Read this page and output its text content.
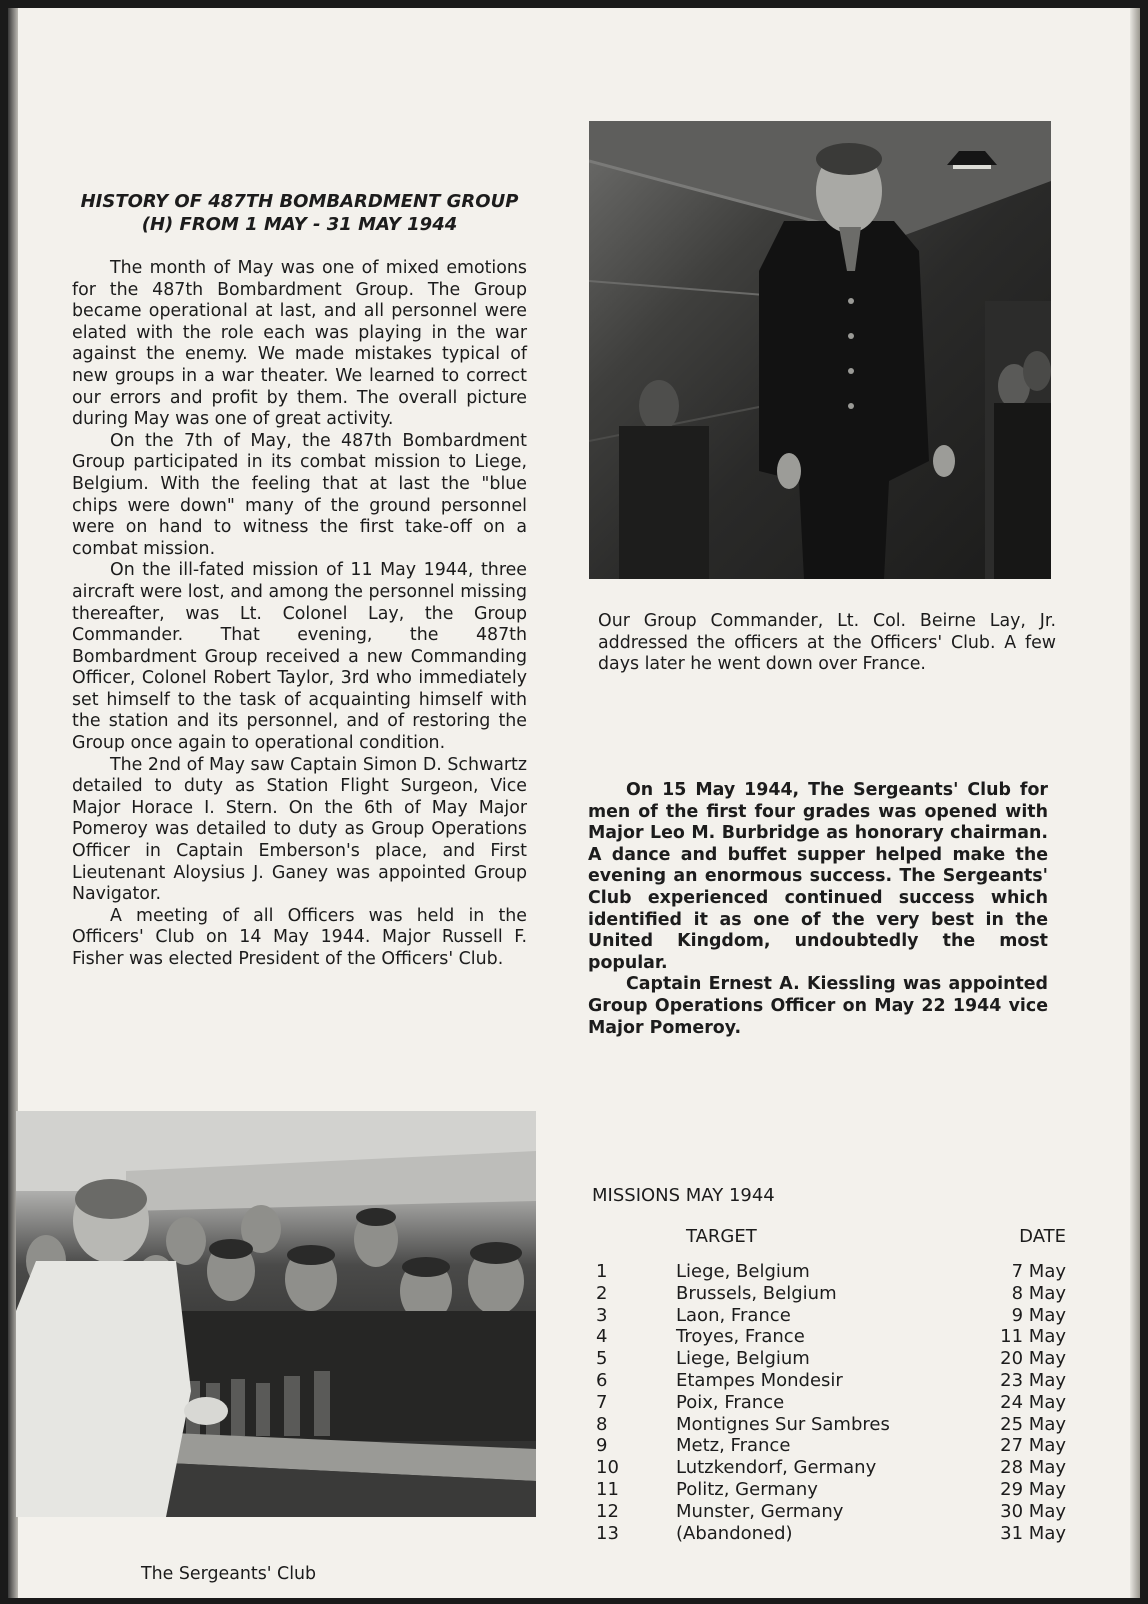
HISTORY OF 487TH BOMBARDMENT GROUP (H) FROM 1 MAY - 31 MAY 1944

The month of May was one of mixed emotions for the 487th Bombardment Group. The Group became operational at last, and all personnel were elated with the role each was playing in the war against the enemy. We made mistakes typical of new groups in a war theater. We learned to correct our errors and profit by them. The overall picture during May was one of great activity.

On the 7th of May, the 487th Bombardment Group participated in its combat mission to Liege, Belgium. With the feeling that at last the "blue chips were down" many of the ground personnel were on hand to witness the first take-off on a combat mission.

On the ill-fated mission of 11 May 1944, three aircraft were lost, and among the personnel missing thereafter, was Lt. Colonel Lay, the Group Commander. That evening, the 487th Bombardment Group received a new Commanding Officer, Colonel Robert Taylor, 3rd who immediately set himself to the task of acquainting himself with the station and its personnel, and of restoring the Group once again to operational condition.

The 2nd of May saw Captain Simon D. Schwartz detailed to duty as Station Flight Surgeon, Vice Major Horace I. Stern. On the 6th of May Major Pomeroy was detailed to duty as Group Operations Officer in Captain Emberson's place, and First Lieutenant Aloysius J. Ganey was appointed Group Navigator.

A meeting of all Officers was held in the Officers' Club on 14 May 1944. Major Russell F. Fisher was elected President of the Officers' Club.

Our Group Commander, Lt. Col. Beirne Lay, Jr. addressed the officers at the Officers' Club. A few days later he went down over France.

On 15 May 1944, The Sergeants' Club for men of the first four grades was opened with Major Leo M. Burbridge as honorary chairman. A dance and buffet supper helped make the evening an enormous success. The Sergeants' Club experienced continued success which identified it as one of the very best in the United Kingdom, undoubtedly the most popular.

Captain Ernest A. Kiessling was appointed Group Operations Officer on May 22 1944 vice Major Pomeroy.

The Sergeants' Club

MISSIONS MAY 1944
	TARGET	DATE
1	Liege, Belgium	7 May
2	Brussels, Belgium	8 May
3	Laon, France	9 May
4	Troyes, France	11 May
5	Liege, Belgium	20 May
6	Etampes Mondesir	23 May
7	Poix, France	24 May
8	Montignes Sur Sambres	25 May
9	Metz, France	27 May
10	Lutzkendorf, Germany	28 May
11	Politz, Germany	29 May
12	Munster, Germany	30 May
13	(Abandoned)	31 May
